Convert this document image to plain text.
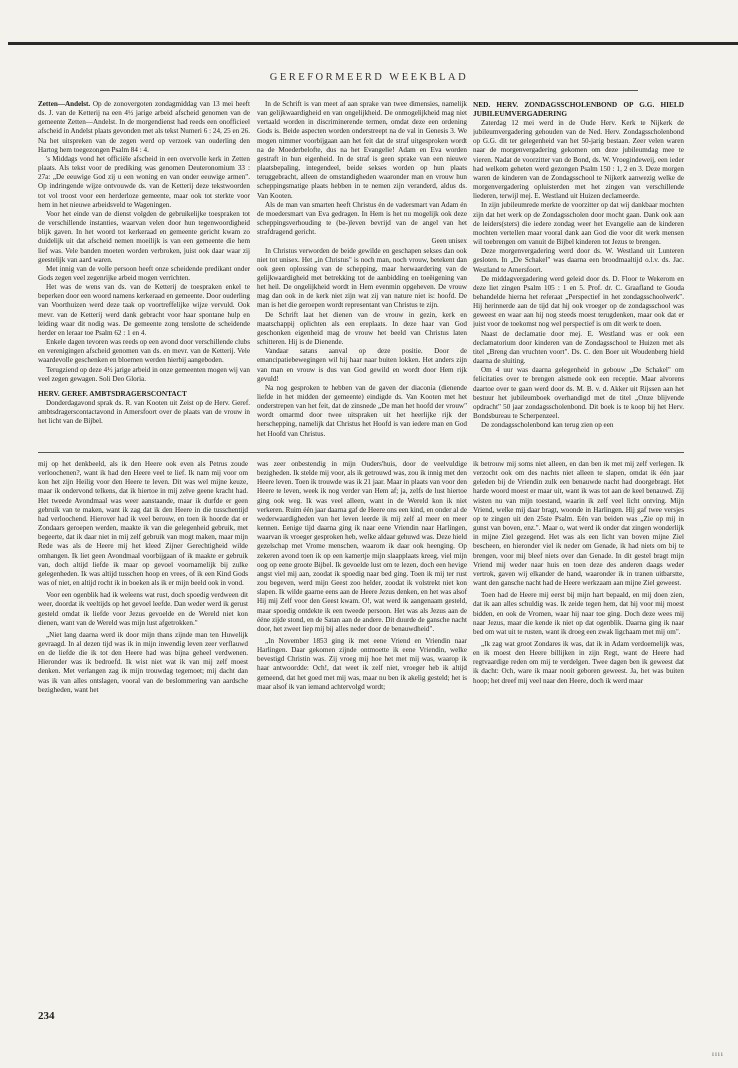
GEREFORMEERD WEEKBLAD

Zetten—Andelst. Op de zonovergoten zondagmiddag van 13 mei heeft ds. J. van de Ketterij na een 4½ jarige arbeid afscheid genomen van de gemeente Zetten—Andelst. In de morgendienst had reeds een onofficieel afscheid in Andelst plaats gevonden met als tekst Numeri 6 : 24, 25 en 26. Na het uitspreken van de zegen werd op verzoek van ouderling den Hartog hem toegezongen Psalm 84 : 4.

's Middags vond het officiële afscheid in een overvolle kerk in Zetten plaats. Als tekst voor de prediking was genomen Deuteronomium 33 : 27a: „De eeuwige God zij u een woning en van onder eeuwige armen". Op indringende wijze ontvouwde ds. van de Ketterij deze tekstwoorden tot vol troost voor een herderloze gemeente, maar ook tot sterkte voor hem in het nieuwe arbeidsveld te Wageningen.

Voor het einde van de dienst volgden de gebruikelijke toespraken tot de verschillende instanties, waarvan velen door hun tegenwoordigheid blijk gaven. In het woord tot kerkeraad en gemeente gericht kwam zo duidelijk uit dat afscheid nemen moeilijk is van een gemeente die hem lief was. Vele banden moeten worden verbroken, juist ook daar waar zij geestelijk van aard waren.

Met innig van de volle persoon heeft onze scheidende predikant onder Gods zegen veel zegenrijke arbeid mogen verrichten.

Het was de wens van ds. van de Ketterij de toespraken enkel te beperken door een woord namens kerkeraad en gemeente. Door ouderling van Voorthuizen werd deze taak op voortreffelijke wijze vervuld. Ook mevr. van de Ketterij werd dank gebracht voor haar spontane hulp en leiding waar dit nodig was. De gemeente zong tenslotte de scheidende herder en leraar toe Psalm 62 : 1 en 4.

Enkele dagen tevoren was reeds op een avond door verschillende clubs en verenigingen afscheid genomen van ds. en mevr. van de Ketterij. Vele waardevolle geschenken en bloemen werden hierbij aangeboden.

Terugziend op deze 4½ jarige arbeid in onze gemeenten mogen wij van veel zegen gewagen. Soli Deo Gloria.

HERV. GEREF. AMBTSDRAGERSCONTACT

Donderdagavond sprak ds. R. van Kooten uit Zeist op de Herv. Geref. ambtsdragerscontactavond in Amersfoort over de plaats van de vrouw in het licht van de Bijbel.

In de Schrift is van meet af aan sprake van twee dimensies, namelijk van gelijkwaardigheid en van ongelijkheid. De onmogelijkheid mag niet vertaald worden in discriminerende termen, omdat deze een ordening Gods is. Beide aspecten worden onderstreept na de val in Genesis 3. We mogen nimmer voorbijgaan aan het feit dat de straf uitgesproken wordt na de Moederbelofte, dus na het Evangelie! Adam en Eva worden gestraft in hun eigenheid. In de straf is geen sprake van een nieuwe plaatsbepaling, integendeel, beide sekses worden op hun plaats teruggebracht, alleen de omstandigheden waaronder man en vrouw hun scheppingsmatige plaats hebben in te nemen zijn veranderd, aldus ds. Van Kooten.

Als de man van smarten heeft Christus én de vadersmart van Adam én de moedersmart van Eva gedragen. In Hem is het nu mogelijk ook deze scheppingsverhouding te (be-)leven bevrijd van de angel van het strafdragend gericht.

Geen unisex

In Christus verworden de beide gewilde en geschapen sekses dan ook niet tot unisex. Het „in Christus" is noch man, noch vrouw, betekent dan ook geen oplossing van de schepping, maar herwaardering van de gelijkwaardigheid met betrekking tot de aanbidding en toeëigening van het heil. De ongelijkheid wordt in Hem evenmin opgeheven. De vrouw mag dan ook in de kerk niet zijn wat zij van nature niet is: hoofd. De man is het die geroepen wordt representant van Christus te zijn.

De Schrift laat het dienen van de vrouw in gezin, kerk en maatschappij oplichten als een ereplaats. In deze haar van God geschonken eigenheid mag de vrouw het beeld van Christus laten schitteren. Hij is de Dienende.

Vandaar satans aanval op deze positie. Door de emancipatiebewegingen wil hij haar naar buiten lokken. Het anders zijn van man en vrouw is dus van God gewild en wordt door Hem rijk gevuld!

Na nog gesproken te hebben van de gaven der diaconia (dienende liefde in het midden der gemeente) eindigde ds. Van Kooten met het onderstrepen van het feit, dat de zinsnede „De man het hoofd der vrouw" wordt omarmd door twee uitspraken uit het heerlijke rijk der herschepping, namelijk dat Christus het Hoofd is van iedere man en God het Hoofd van Christus.

NED. HERV. ZONDAGSSCHOLENBOND OP G.G. HIELD JUBILEUMVERGADERING

Zaterdag 12 mei werd in de Oude Herv. Kerk te Nijkerk de jubileumvergadering gehouden van de Ned. Herv. Zondagsscholenbond op G.G. dit ter gelegenheid van het 50-jarig bestaan. Zeer velen waren naar de morgenvergadering gekomen om deze jubileumdag mee te vieren. Nadat de voorzitter van de Bond, ds. W. Vroegindeweij, een ieder had welkom geheten werd gezongen Psalm 150 : 1, 2 en 3. Deze morgen waren de kinderen van de Zondagsschool te Nijkerk aanwezig welke de morgenvergadering opluisterden met het zingen van verschillende liederen, terwijl mej. E. Westland uit Huizen declameerde.

In zijn jubileumrede merkte de voorzitter op dat wij dankbaar mochten zijn dat het werk op de Zondagsscholen door mocht gaan. Dank ook aan de leiders(sters) die iedere zondag weer het Evangelie aan de kinderen mochten vertellen maar vooral dank aan God die voor dit werk mensen wil toebrengen om vanuit de Bijbel kinderen tot Jezus te brengen.

Deze morgenvergadering werd door ds. W. Westland uit Lunteren gesloten. In „De Schakel" was daarna een broodmaaltijd o.l.v. ds. Jac. Westland te Amersfoort.

De middagvergadering werd geleid door ds. D. Floor te Wekerom en deze liet zingen Psalm 105 : 1 en 5. Prof. dr. C. Graafland te Gouda behandelde hierna het referaat „Perspectief in het zondagsschoolwerk". Hij herinnerde aan de tijd dat hij ook vroeger op de zondagsschool was geweest en waar aan hij nog steeds moest terugdenken, maar ook dat er juist voor de toekomst nog wel perspectief is om dit werk te doen.

Naast de declamatie door mej. E. Westland was er ook een declamatorium door kinderen van de Zondagsschool te Huizen met als titel „Breng dan vruchten voort". Ds. C. den Boer uit Woudenberg hield daarna de sluiting.

Om 4 uur was daarna gelegenheid in gebouw „De Schakel" om felicitaties over te brengen alsmede ook een receptie. Maar alvorens daartoe over te gaan werd door ds. M. B. v. d. Akker uit Rijssen aan het bestuur het jubileumboek overhandigd met de titel „Onze blijvende opdracht" 50 jaar zondagsscholenbond. Dit boek is te koop bij het Herv. Bondsbureau te Scherpenzeel.

De zondagsscholenbond kan terug zien op een

mij op het denkbeeld, als ik den Heere ook even als Petrus zoude verloochenen?, want ik had den Heere veel te lief. Ik nam mij voor om kon het zijn Heilig voor den Heere te leven. Dit was wel mijne keuze, maar ik ondervond telkens, dat ik hiertoe in mij zelve geene kracht had. Het tweede Avondmaal was weer aanstaande, maar ik durfde er geen gebruik van te maken, want ik zag dat ik den Heere in die tusschentijd had verloochend. Hierover had ik veel berouw, en toen ik hoorde dat er Zondaars geroepen werden, maakte ik van die gelegenheid gebruik, met begeerte, dat ik daar niet in mij zelf gebruik van mogt maken, maar mijn Rede was als de Heere mij het kleed Zijner Gerechtigheid wilde omhangen. Ik liet geen Avondmaal voorbijgaan of ik maakte er gebruik van, doch altijd liefde ik maar op gevoel voornamelijk bij zulke gelegenheden. Ik was altijd tusschen hoop en vrees, of ik een Kind Gods was of niet, en altijd rocht ik in boeken als ik er mijn beeld ook in vond.

Voor een ogenblik had ik weleens wat rust, doch spoedig verdween dit weer, doordat ik veeltijds op het gevoel leefde. Dan weder werd ik gerust gesteld omdat ik liefde voor Jezus gevoelde en de Wereld niet kon dienen, want van de Wereld was mijn lust afgetrokken."

„Niet lang daarna werd ik door mijn thans zijnde man ten Huwelijk gevraagd. In al dezen tijd was ik in mijn inwendig leven zeer verflauwd en de liefde die ik tot den Heere had was bijna geheel verdwenen. Hieronder was ik bedroefd. Ik wist niet wat ik van mij zelf moest denken. Met verlangen zag ik mijn trouwdag tegemoet; mij dacht dan was ik van alles ontslagen, vooral van de beslommering van aardsche bezigheden, want het

was zeer onbestendig in mijn Ouders'huis, door de veelvuldige bezigheden. Ik stelde mij voor, als ik getrouwd was, zou ik innig met den Heere leven. Toen ik trouwde was ik 21 jaar. Maar in plaats van voor den Heere te leven, week ik nog verder van Hem af; ja, zelfs de lust hiertoe ging ook weg. Ik was veel alleen, want in de Wereld kon ik niet verkeren. Ruim één jaar daarna gaf de Heere ons een kind, en onder al de wederwaardigheden van het leven leerde ik mij zelf al meer en meer kennen. Eenige tijd daarna ging ik naar eene Vriendin naar Harlingen, waarvan ik vroeger gesproken heb, welke aldaar gehuwd was. Deze hield gezelschap met Vrome menschen, waarom ik daar ook heenging. Op zekeren avond toen ik op een kamertje mijn slaapplaats kreeg, viel mijn oog op eene groote Bijbel. Ik gevoelde lust om te lezen, doch een hevige angst viel mij aan, zoodat ik spoedig naar bed ging. Toen ik mij ter rust zou begeven, werd mijn Geest zoo helder, zoodat ik volstrekt niet kon slapen. Ik wilde gaarne eens aan de Heere Jezus denken, en het was alsof Hij mij Zelf voor den Geest kwam. O!, wat werd ik aangenaam gesteld, maar spoedig ontdekte ik een tweede persoon. Het was als Jezus aan de ééne zijde stond, en de Satan aan de andere. Dit duurde de gansche nacht door, het zweet liep mij bij alles neder door de benauwdheid".

„In November 1853 ging ik met eene Vriend en Vriendin naar Harlingen. Daar gekomen zijnde ontmoette ik eene Vriendin, welke bevestigd Christin was. Zij vroeg mij hoe het met mij was, waarop ik haar antwoordde: Och!, dat weet ik zelf niet, vroeger heb ik altijd gemeend, dat het goed met mij was, maar nu ben ik akelig gesteld; het is maar alsof ik van iemand achtervolgd wordt;

ik betrouw mij soms niet alleen, en dan ben ik met mij zelf verlegen. Ik verzocht ook om des nachts niet alleen te slapen, omdat ik één jaar geleden bij de Vriendin zulk een benauwde nacht had doorgebragt. Het harde woord moest er maar uit, want ik was tot aan de keel benauwd. Zij wisten nu van mijn toestand, waarin ik zelf veel licht ontving. Mijn Vriend, welke mij daar bragt, woonde in Harlingen. Hij gaf twee versjes op te zingen uit den 25ste Psalm. Eén van beiden was „Zie op mij in gunst van boven, enz.". Maar o, wat werd ik onder dat zingen wonderlijk in mijne Ziel gezegend. Het was als een licht van boven mijne Ziel bescheen, en hieronder viel ik neder om Genade, ik had niets om bij te brengen, voor mij bleef niets over dan Genade. In dit gestel bragt mijn Vriend mij weder naar huis en toen deze des anderen daags weder vertrok, gaven wij elkander de hand, waaronder ik in tranen uitbarstte, want den gansche nacht had de Heere werkzaam aan mijne Ziel geweest.

Toen had de Heere mij eerst bij mijn hart bepaald, en mij doen zien, dat ik aan alles schuldig was. Ik zeide tegen hem, dat hij voor mij moest bidden, en ook de Vromen, waar hij naar toe ging. Doch deze wees mij naar Jezus, maar die kende ik niet op dat ogenblik. Daarna ging ik naar bed om wat uit te rusten, want ik droeg een zwak ligchaam met mij om".

„Ik zag wat groot Zondares ik was, dat ik in Adam verdoemelijk was, en ik moest den Heere billijken in zijn Regt, want de Heere had regtvaardige reden om mij te verdelgen. Twee dagen ben ik geweest dat ik dacht: Och, ware ik maar nooit geboren geweest. Ja, het was buiten hoop; het dreef mij veel naar den Heere, doch ik werd maar

234
ıııı
